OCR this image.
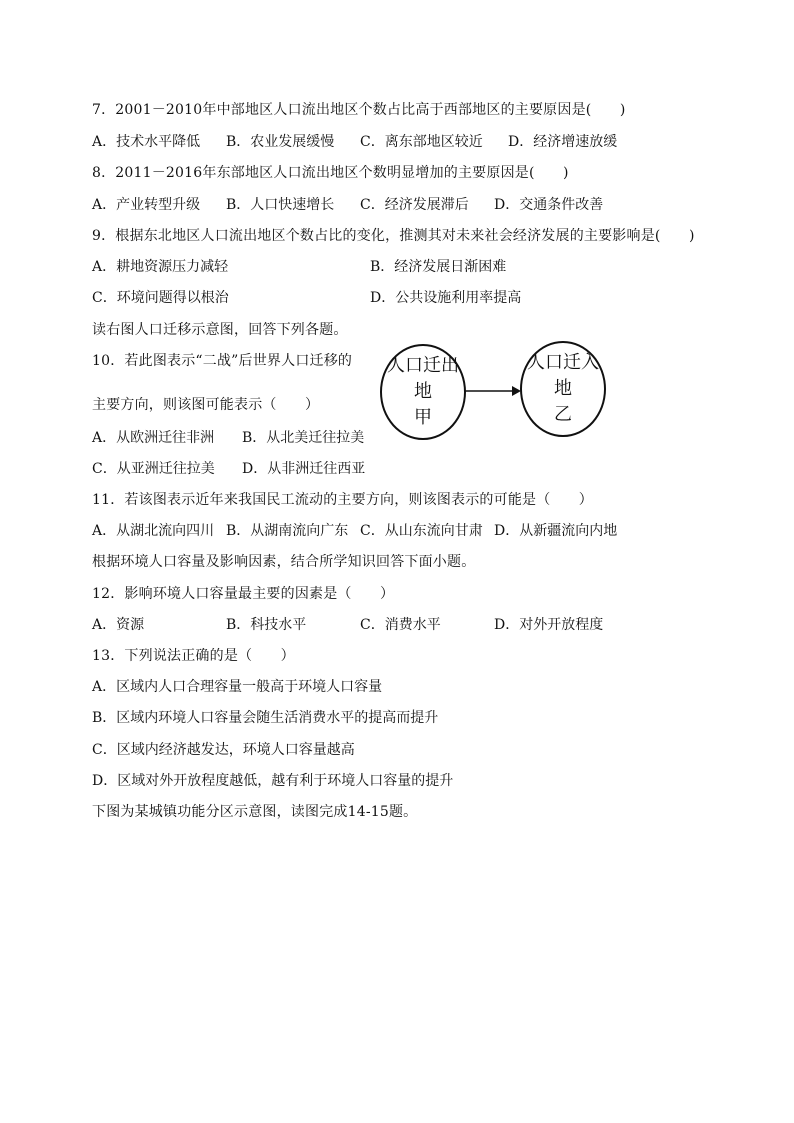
7．2001－2010年中部地区人口流出地区个数占比高于西部地区的主要原因是(　　)
A．技术水平降低 B．农业发展缓慢 C．离东部地区较近 D．经济增速放缓
8．2011－2016年东部地区人口流出地区个数明显增加的主要原因是(　　)
A．产业转型升级 B．人口快速增长 C．经济发展滞后 D．交通条件改善
9．根据东北地区人口流出地区个数占比的变化，推测其对未来社会经济发展的主要影响是(　　)
A．耕地资源压力减轻	B．经济发展日渐困难
C．环境问题得以根治	D．公共设施利用率提高
读右图人口迁移示意图，回答下列各题。
10．若此图表示“二战”后世界人口迁移的
主要方向，则该图可能表示（　　）
A．从欧洲迁往非洲 B．从北美迁往拉美
C．从亚洲迁往拉美 D．从非洲迁往西亚
人口迁出地
甲
人口迁入地
乙
11．若该图表示近年来我国民工流动的主要方向，则该图表示的可能是（　　）
A．从湖北流向四川 B．从湖南流向广东 C．从山东流向甘肃 D．从新疆流向内地
根据环境人口容量及影响因素，结合所学知识回答下面小题。
12．影响环境人口容量最主要的因素是（　　）
A．资源	B．科技水平	C．消费水平	D．对外开放程度
13．下列说法正确的是（　　）
A．区域内人口合理容量一般高于环境人口容量
B．区域内环境人口容量会随生活消费水平的提高而提升
C．区域内经济越发达，环境人口容量越高
D．区域对外开放程度越低，越有利于环境人口容量的提升
下图为某城镇功能分区示意图，读图完成14-15题。
